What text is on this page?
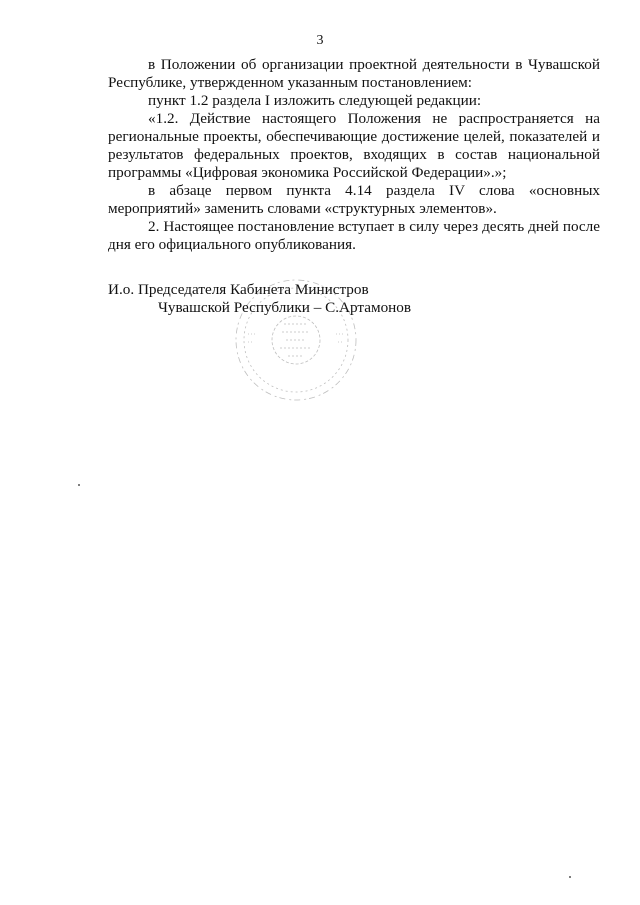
3

в Положении об организации проектной деятельности в Чувашской Республике, утвержденном указанным постановлением:

пункт 1.2 раздела I изложить следующей редакции:

«1.2. Действие настоящего Положения не распространяется на региональные проекты, обеспечивающие достижение целей, показателей и результатов федеральных проектов, входящих в состав национальной программы «Цифровая экономика Российской Федерации».»;

в абзаце первом пункта 4.14 раздела IV слова «основных мероприятий» заменить словами «структурных элементов».

2. Настоящее постановление вступает в силу через десять дней после дня его официального опубликования.

И.о. Председателя Кабинета Министров
Чувашской Республики – С.Артамонов
